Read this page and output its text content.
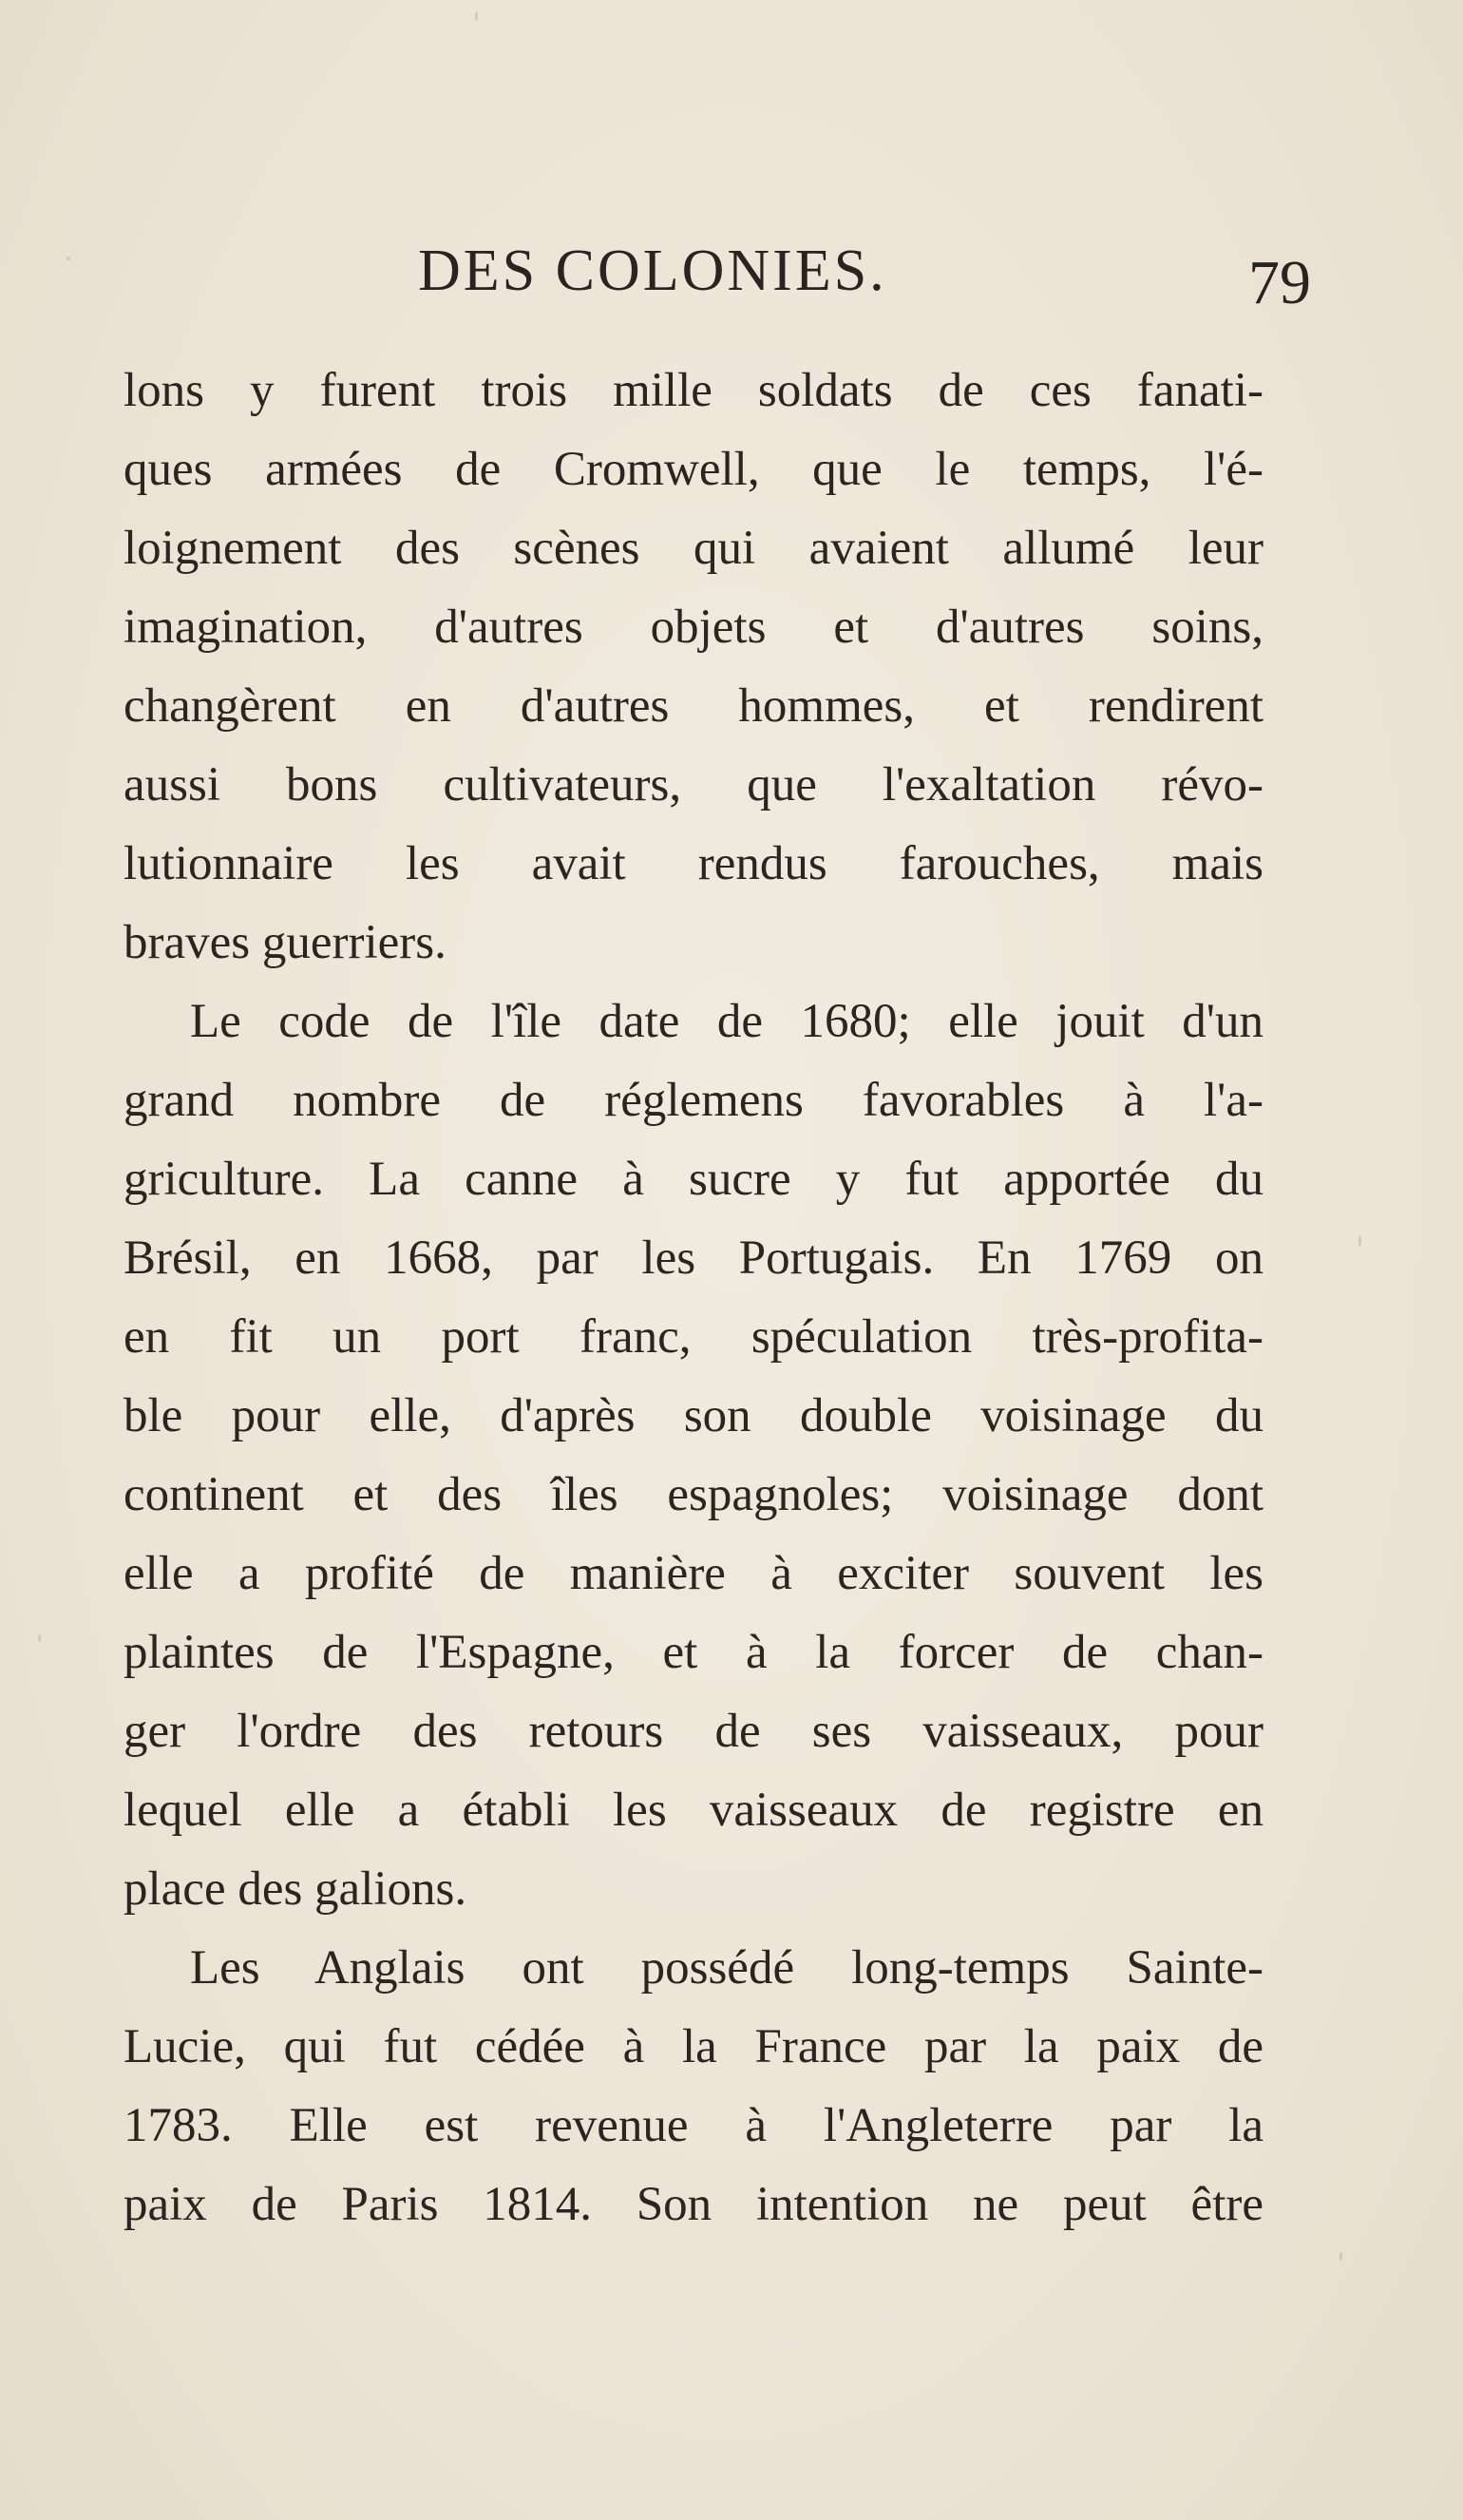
DES COLONIES.	79
lons y furent trois mille soldats de ces fanati-
ques armées de Cromwell, que le temps, l'é-
loignement des scènes qui avaient allumé leur
imagination, d'autres objets et d'autres soins,
changèrent en d'autres hommes, et rendirent
aussi bons cultivateurs, que l'exaltation révo-
lutionnaire les avait rendus farouches, mais
braves guerriers.
Le code de l'île date de 1680; elle jouit d'un
grand nombre de réglemens favorables à l'a-
griculture. La canne à sucre y fut apportée du
Brésil, en 1668, par les Portugais. En 1769 on
en fit un port franc, spéculation très-profita-
ble pour elle, d'après son double voisinage du
continent et des îles espagnoles; voisinage dont
elle a profité de manière à exciter souvent les
plaintes de l'Espagne, et à la forcer de chan-
ger l'ordre des retours de ses vaisseaux, pour
lequel elle a établi les vaisseaux de registre en
place des galions.
Les Anglais ont possédé long-temps Sainte-
Lucie, qui fut cédée à la France par la paix de
1783. Elle est revenue à l'Angleterre par la
paix de Paris 1814. Son intention ne peut être
